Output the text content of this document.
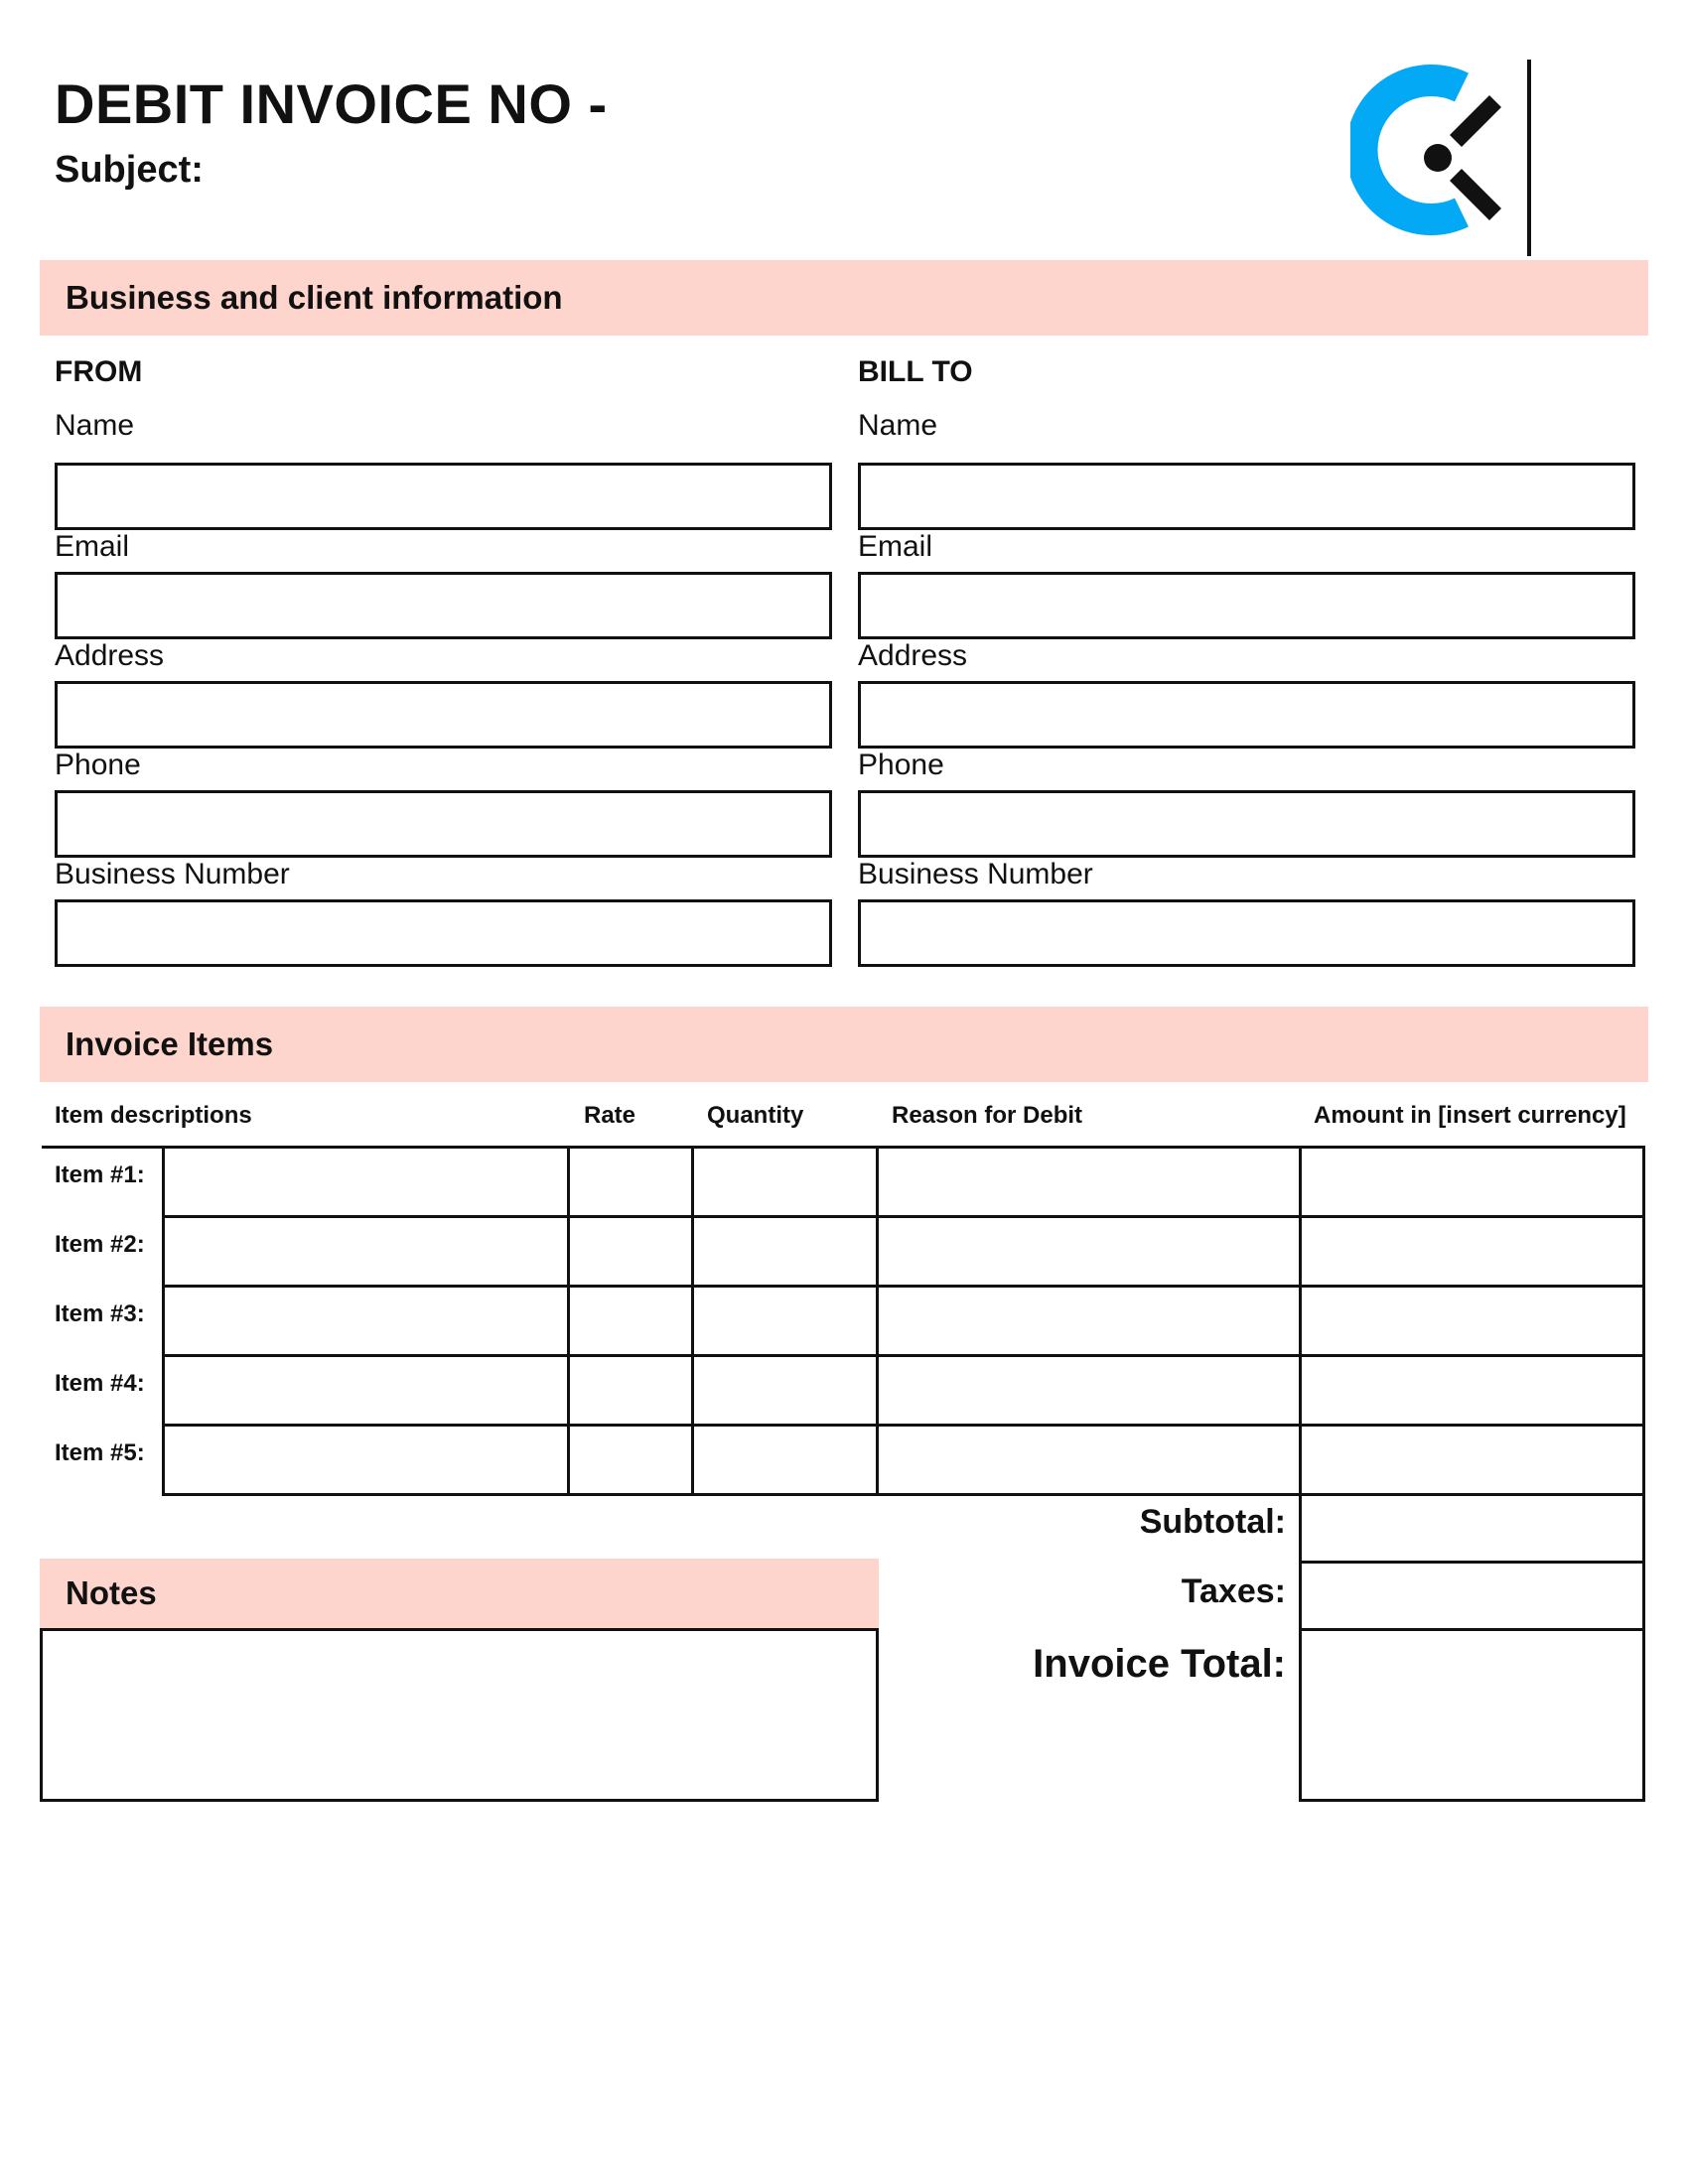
DEBIT INVOICE NO -
Subject:
Business and client information
FROM
Name
Email
Address
Phone
Business Number
BILL TO
Name
Email
Address
Phone
Business Number
Invoice Items
Item descriptions	Rate	Quantity	Reason for Debit	Amount in [insert currency]
Item #1:
Item #2:
Item #3:
Item #4:
Item #5:
Subtotal:
Taxes:
Invoice Total:
Notes
